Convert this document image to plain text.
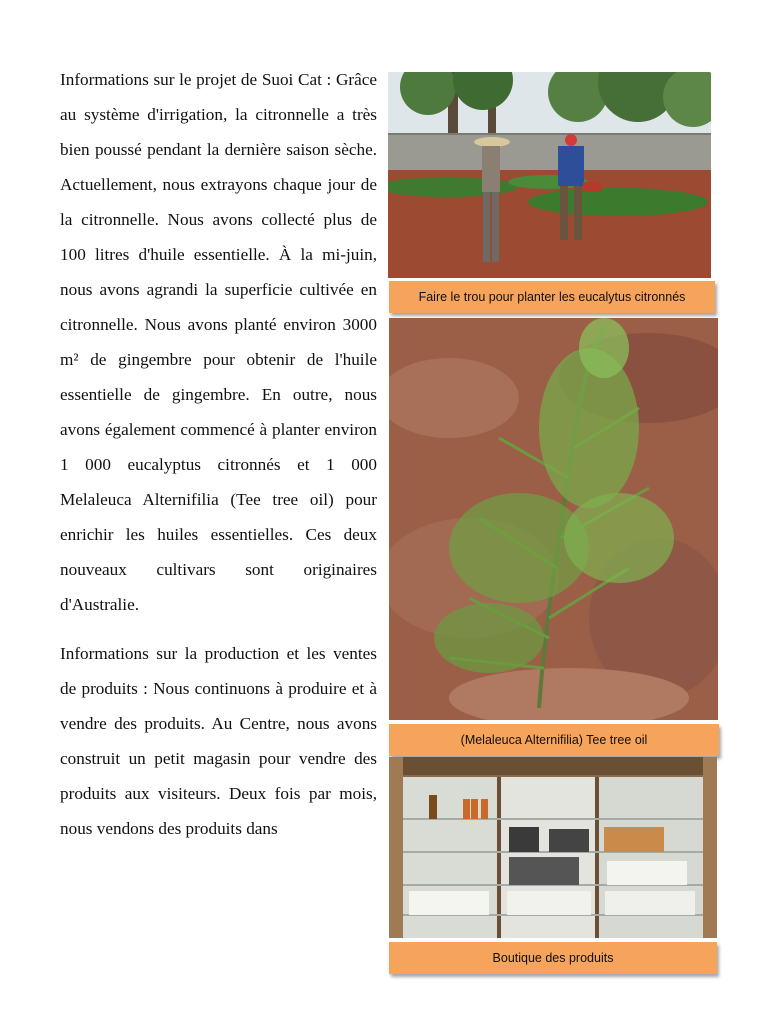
Informations sur le projet de Suoi Cat : Grâce au système d'irrigation, la citronnelle a très bien poussé pendant la dernière saison sèche. Actuellement, nous extrayons chaque jour de la citronnelle. Nous avons collecté plus de 100 litres d'huile essentielle. À la mi-juin, nous avons agrandi la superficie cultivée en citronnelle. Nous avons planté environ 3000 m² de gingembre pour obtenir de l'huile essentielle de gingembre. En outre, nous avons également commencé à planter environ 1 000 eucalyptus citronnés et 1 000 Melaleuca Alternifilia (Tee tree oil) pour enrichir les huiles essentielles. Ces deux nouveaux cultivars sont originaires d'Australie.

Informations sur la production et les ventes de produits : Nous continuons à produire et à vendre des produits. Au Centre, nous avons construit un petit magasin pour vendre des produits aux visiteurs. Deux fois par mois, nous vendons des produits dans

Faire le trou pour planter les eucalytus citronnés
(Melaleuca Alternifilia) Tee tree oil
Boutique des produits
